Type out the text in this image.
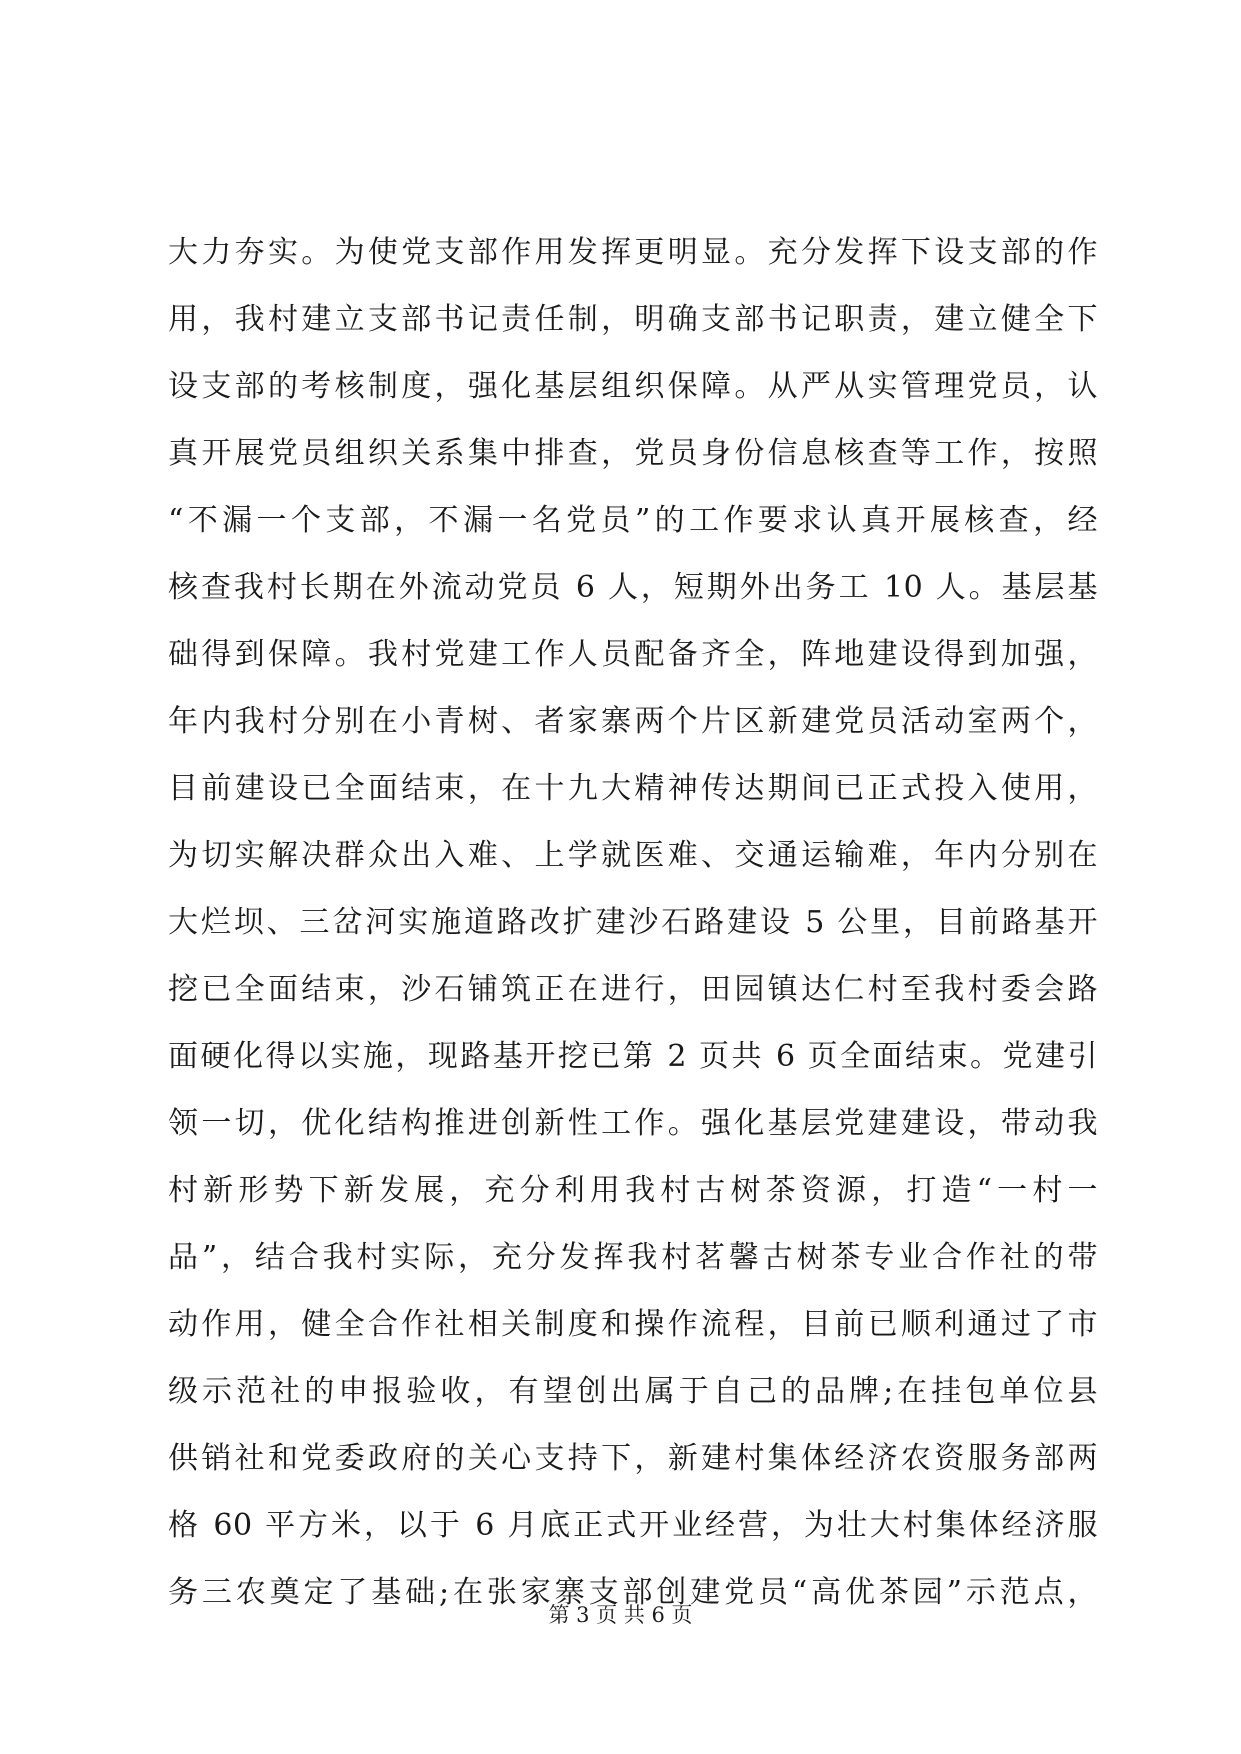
大力夯实。为使党支部作用发挥更明显。充分发挥下设支部的作
用，我村建立支部书记责任制，明确支部书记职责，建立健全下
设支部的考核制度，强化基层组织保障。从严从实管理党员，认
真开展党员组织关系集中排查，党员身份信息核查等工作，按照
“不漏一个支部，不漏一名党员”的工作要求认真开展核查，经
核查我村长期在外流动党员 6 人，短期外出务工 10 人。基层基
础得到保障。我村党建工作人员配备齐全，阵地建设得到加强，
年内我村分别在小青树、者家寨两个片区新建党员活动室两个，
目前建设已全面结束，在十九大精神传达期间已正式投入使用，
为切实解决群众出入难、上学就医难、交通运输难，年内分别在
大烂坝、三岔河实施道路改扩建沙石路建设 5 公里，目前路基开
挖已全面结束，沙石铺筑正在进行，田园镇达仁村至我村委会路
面硬化得以实施，现路基开挖已第 2 页共 6 页全面结束。党建引
领一切，优化结构推进创新性工作。强化基层党建建设，带动我
村新形势下新发展，充分利用我村古树茶资源，打造“一村一
品”，结合我村实际，充分发挥我村茗馨古树茶专业合作社的带
动作用，健全合作社相关制度和操作流程，目前已顺利通过了市
级示范社的申报验收，有望创出属于自己的品牌;在挂包单位县
供销社和党委政府的关心支持下，新建村集体经济农资服务部两
格 60 平方米，以于 6 月底正式开业经营，为壮大村集体经济服
务三农奠定了基础;在张家寨支部创建党员“高优茶园”示范点，
第 3 页 共 6 页
